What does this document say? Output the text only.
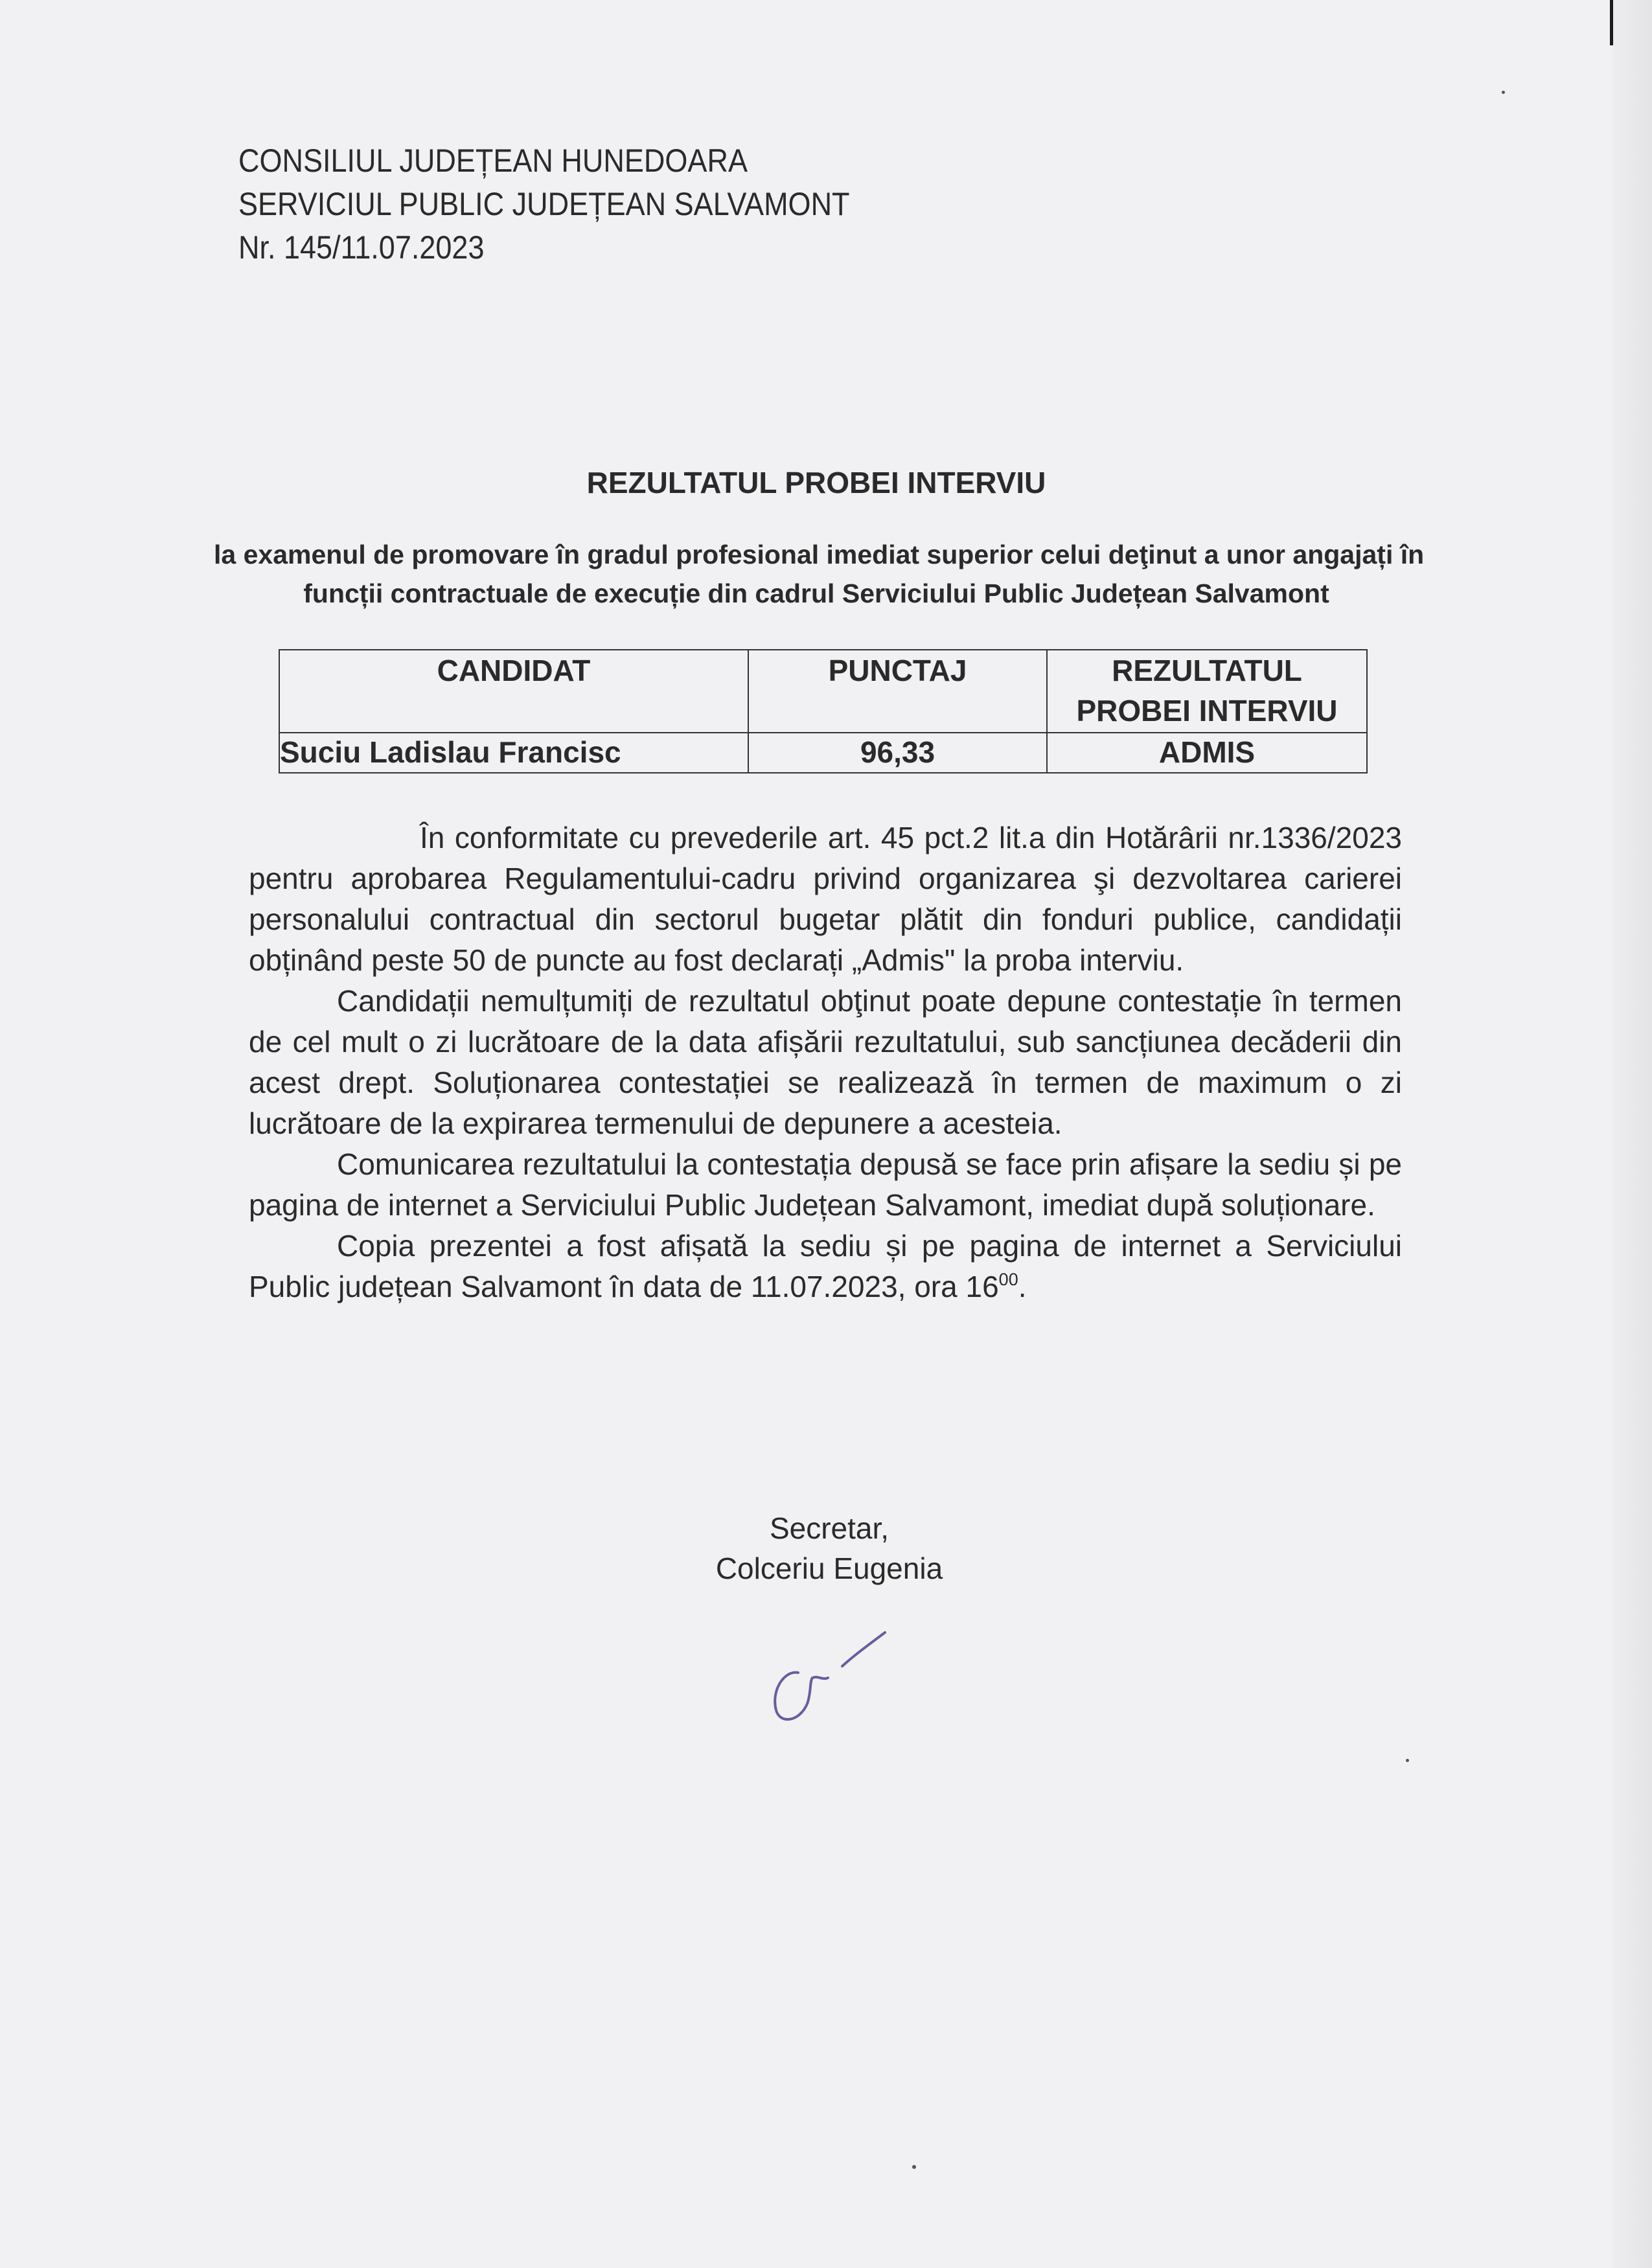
CONSILIUL JUDEȚEAN HUNEDOARA
SERVICIUL PUBLIC JUDEȚEAN SALVAMONT
Nr. 145/11.07.2023
REZULTATUL PROBEI INTERVIU
la examenul de promovare în gradul profesional imediat superior celui deţinut a unor angajați în
funcții contractuale de execuție din cadrul Serviciului Public Județean Salvamont
CANDIDAT	PUNCTAJ	REZULTATUL
PROBEI INTERVIU

Suciu Ladislau Francisc	96,33	ADMIS

În conformitate cu prevederile art. 45 pct.2 lit.a din Hotărârii nr.1336/2023 pentru aprobarea Regulamentului-cadru privind organizarea şi dezvoltarea carierei personalului contractual din sectorul bugetar plătit din fonduri publice, candidații obținând peste 50 de puncte au fost declarați „Admis" la proba interviu.

Candidații nemulțumiți de rezultatul obţinut poate depune contestație în termen de cel mult o zi lucrătoare de la data afișării rezultatului, sub sancțiunea decăderii din acest drept. Soluționarea contestației se realizează în termen de maximum o zi lucrătoare de la expirarea termenului de depunere a acesteia.

Comunicarea rezultatului la contestația depusă se face prin afișare la sediu și pe pagina de internet a Serviciului Public Județean Salvamont, imediat după soluționare.

Copia prezentei a fost afișată la sediu și pe pagina de internet a Serviciului Public județean Salvamont în data de 11.07.2023, ora $16^{00}$.

Secretar,
Colceriu Eugenia
